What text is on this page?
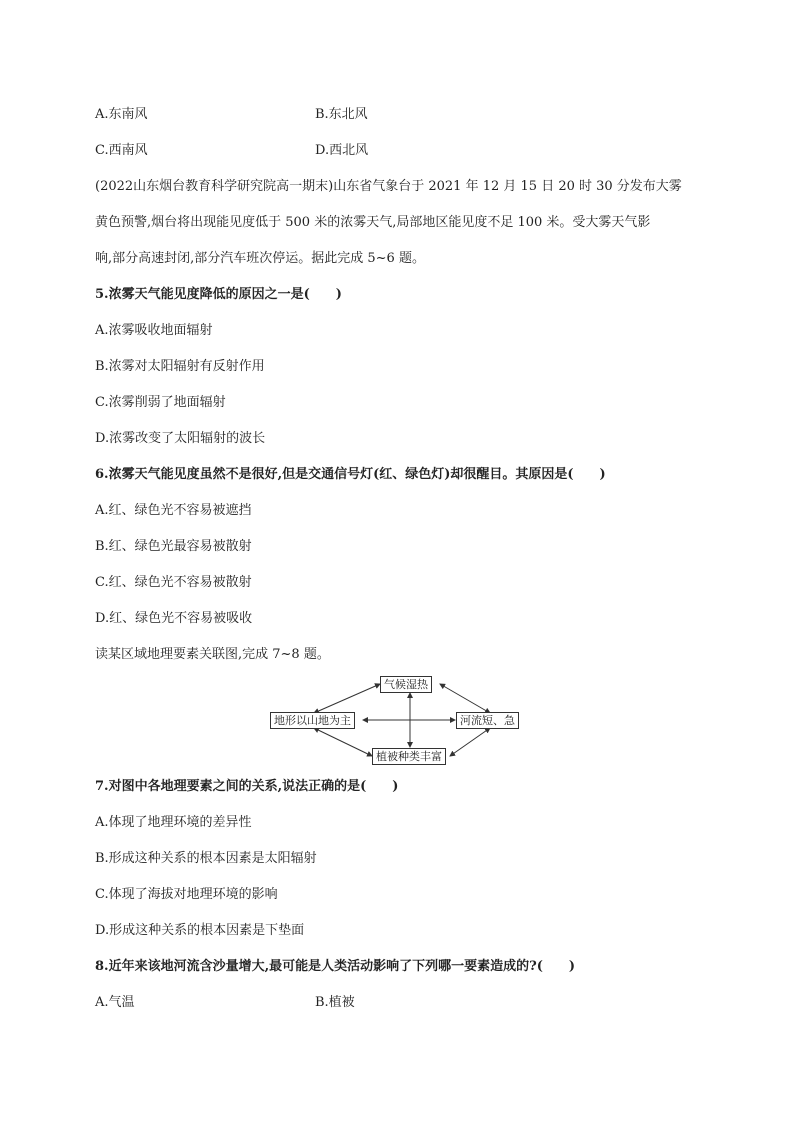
A.东南风	B.东北风
C.西南风	D.西北风
(2022山东烟台教育科学研究院高一期末)山东省气象台于 2021 年 12 月 15 日 20 时 30 分发布大雾
黄色预警,烟台将出现能见度低于 500 米的浓雾天气,局部地区能见度不足 100 米。受大雾天气影
响,部分高速封闭,部分汽车班次停运。据此完成 5~6 题。
5.浓雾天气能见度降低的原因之一是(　　)
A.浓雾吸收地面辐射
B.浓雾对太阳辐射有反射作用
C.浓雾削弱了地面辐射
D.浓雾改变了太阳辐射的波长
6.浓雾天气能见度虽然不是很好,但是交通信号灯(红、绿色灯)却很醒目。其原因是(　　)
A.红、绿色光不容易被遮挡
B.红、绿色光最容易被散射
C.红、绿色光不容易被散射
D.红、绿色光不容易被吸收
读某区域地理要素关联图,完成 7~8 题。
气候湿热
地形以山地为主	河流短、急
植被种类丰富
7.对图中各地理要素之间的关系,说法正确的是(　　)
A.体现了地理环境的差异性
B.形成这种关系的根本因素是太阳辐射
C.体现了海拔对地理环境的影响
D.形成这种关系的根本因素是下垫面
8.近年来该地河流含沙量增大,最可能是人类活动影响了下列哪一要素造成的?(　　)
A.气温	B.植被
